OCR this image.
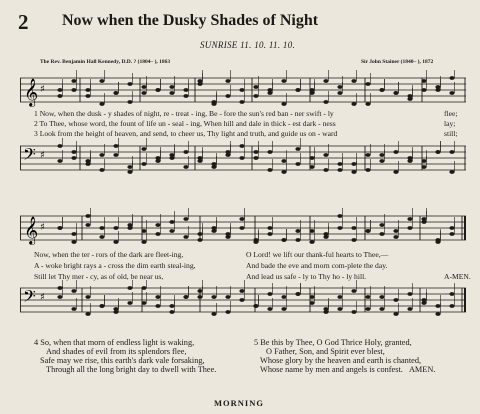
2 Now when the Dusky Shades of Night
SUNRISE 11. 10. 11. 10.
The Rev. Benjamin Hall Kennedy, D.D. ? (1804– ), 1863	Sir John Stainer (1840– ), 1872
𝄞 ♯
𝄢 ♯
1 Now, when the dusk - y shades of night, re - treat - ing, Be - fore the sun's red ban - ner swift - ly	flee;
2 To Thee, whose word, the fount of life un - seal - ing, When hill and dale in thick - est dark - ness	lay;
3 Look from the height of heaven, and send, to cheer us, Thy light and truth, and guide us on - ward	still;
𝄞 ♯
𝄢 ♯
Now, when the ter - rors of the dark are fleet-ing,	O Lord! we lift our thank-ful hearts to Thee,—
A - woke bright rays a - cross the dim earth steal-ing,	And bade the eve and morn com-plete the day.
Still let Thy mer - cy, as of old, be near us,	And lead us safe - ly to Thy ho - ly hill.	A-MEN.
4 So, when that morn of endless light is waking,
And shades of evil from its splendors flee,
Safe may we rise, this earth's dark vale forsaking,
Through all the long bright day to dwell with Thee.
5 Be this by Thee, O God Thrice Holy, granted,
O Father, Son, and Spirit ever blest,
Whose glory by the heaven and earth is chanted,
Whose name by men and angels is confest. AMEN.
MORNING
